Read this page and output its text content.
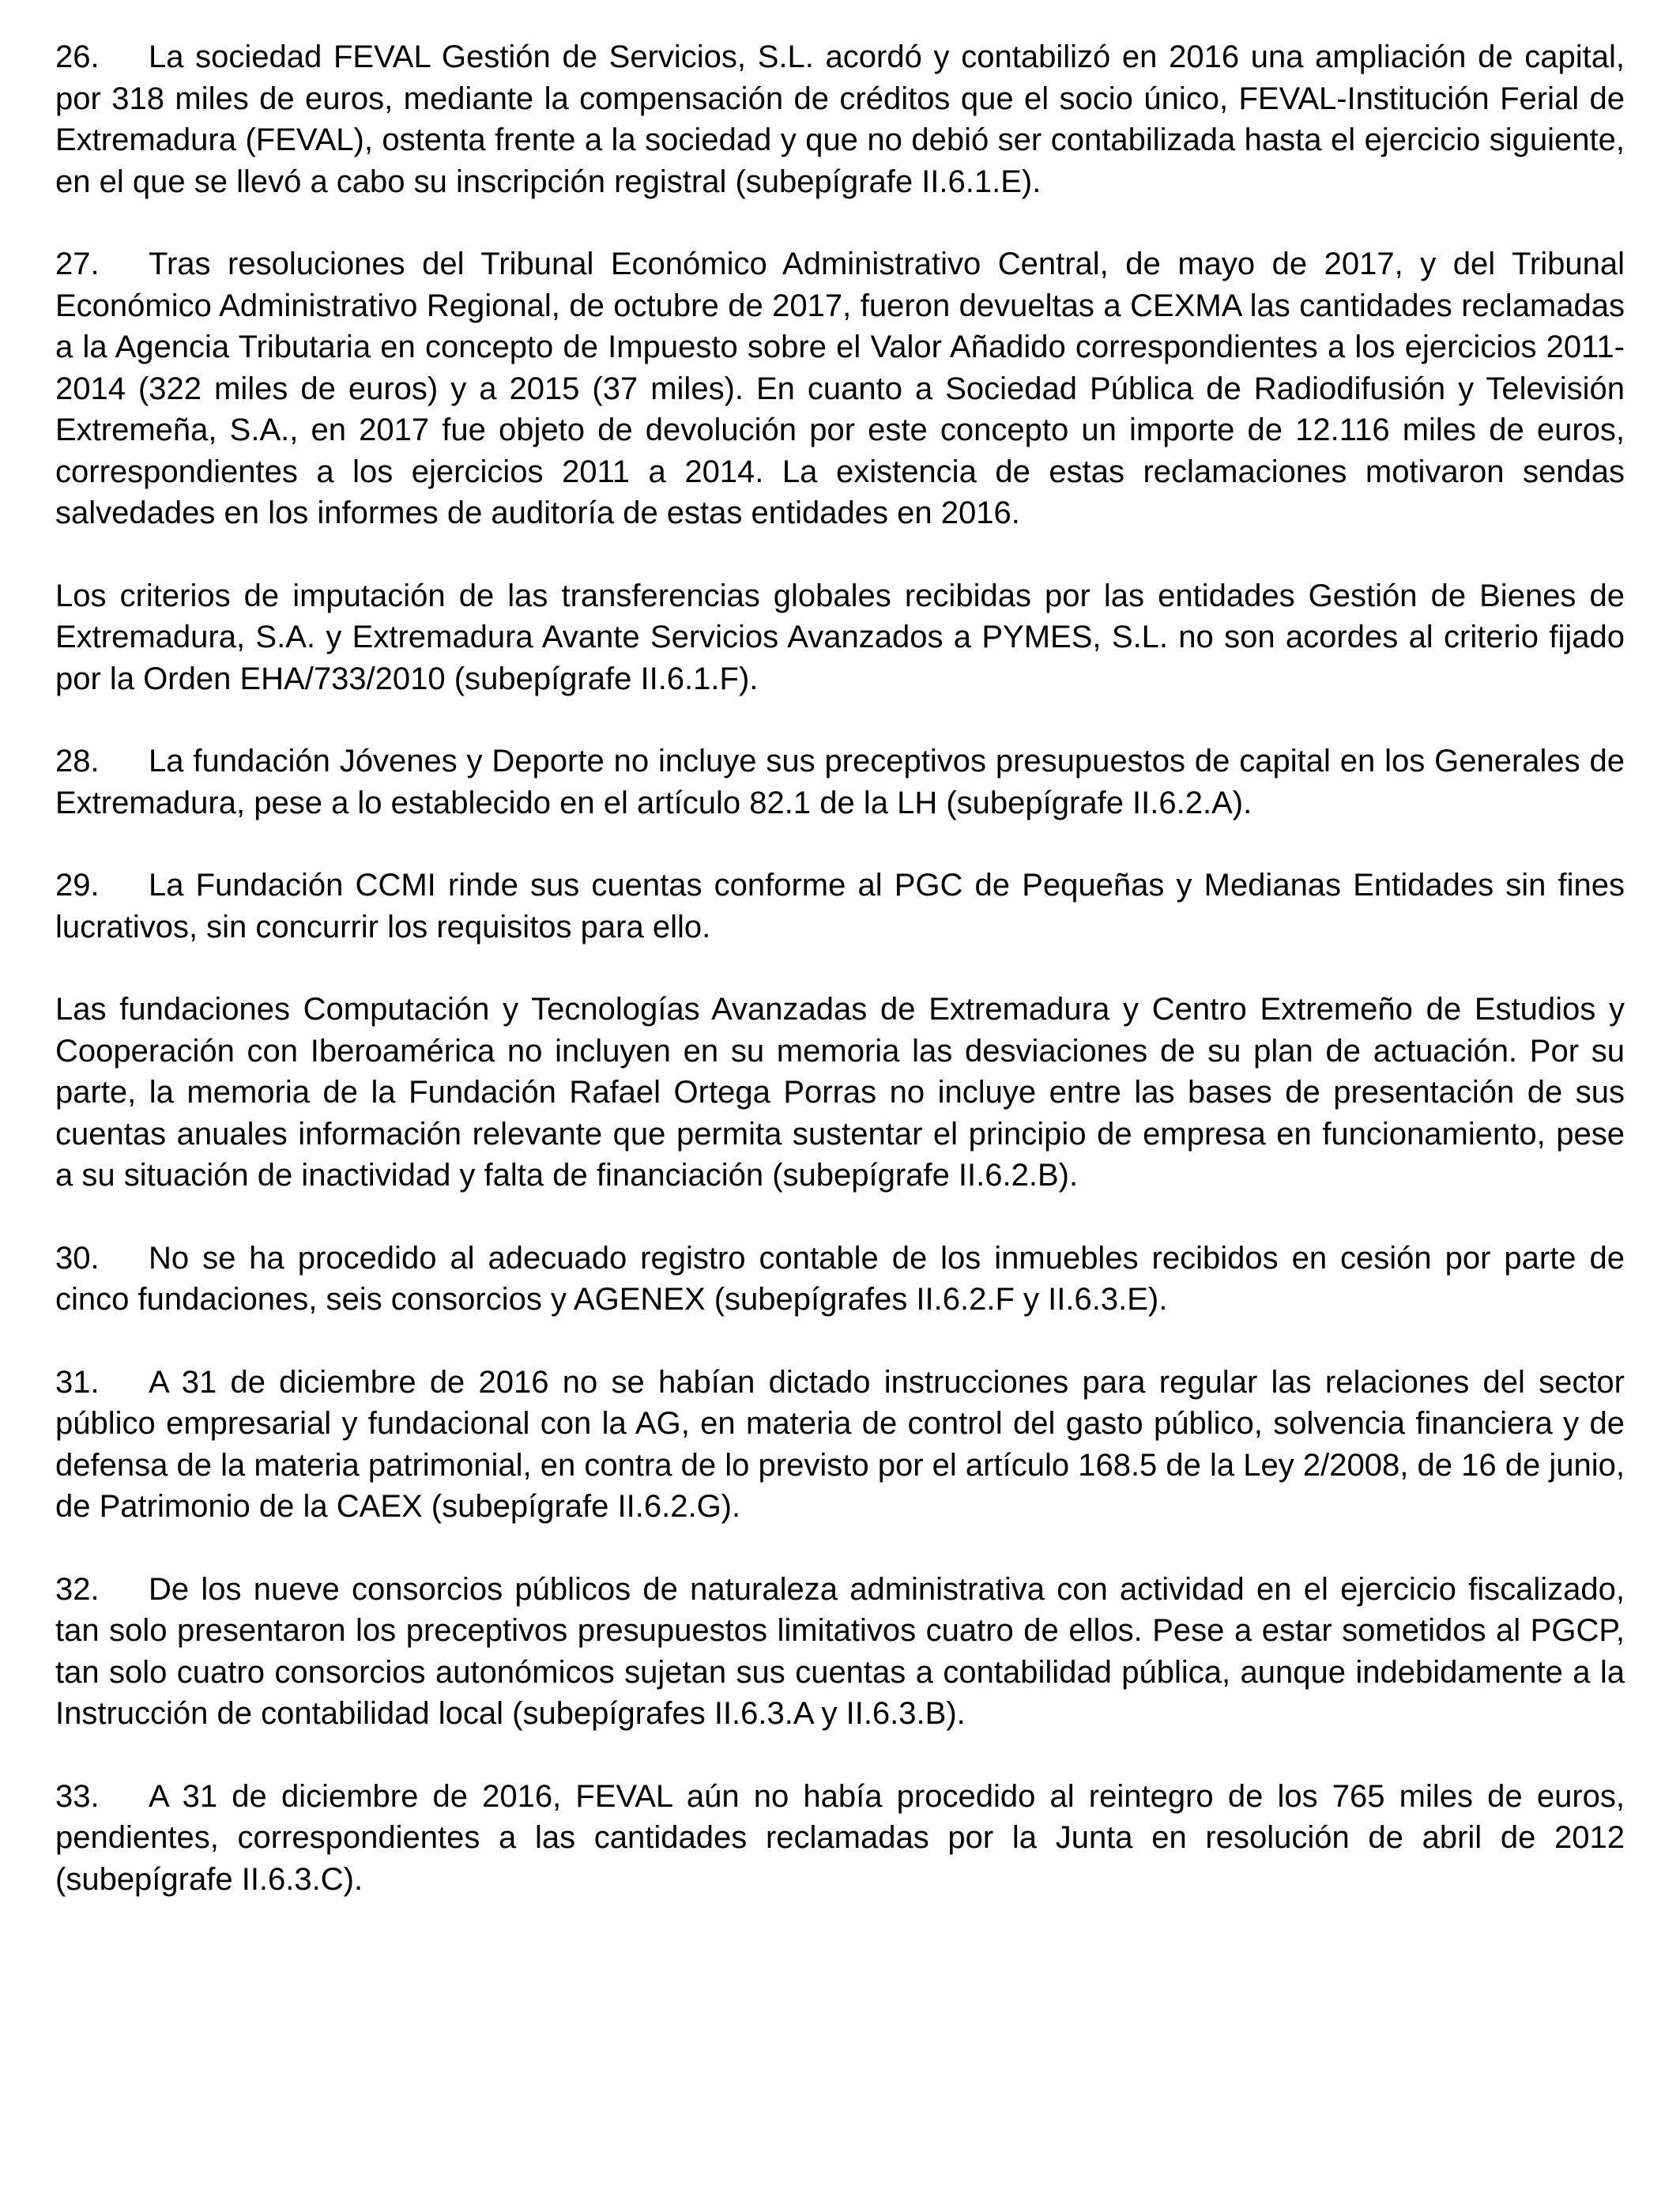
26. La sociedad FEVAL Gestión de Servicios, S.L. acordó y contabilizó en 2016 una ampliación de capital, por 318 miles de euros, mediante la compensación de créditos que el socio único, FEVAL-Institución Ferial de Extremadura (FEVAL), ostenta frente a la sociedad y que no debió ser contabilizada hasta el ejercicio siguiente, en el que se llevó a cabo su inscripción registral (subepígrafe II.6.1.E).

27. Tras resoluciones del Tribunal Económico Administrativo Central, de mayo de 2017, y del Tribunal Económico Administrativo Regional, de octubre de 2017, fueron devueltas a CEXMA las cantidades reclamadas a la Agencia Tributaria en concepto de Impuesto sobre el Valor Añadido correspondientes a los ejercicios 2011-2014 (322 miles de euros) y a 2015 (37 miles). En cuanto a Sociedad Pública de Radiodifusión y Televisión Extremeña, S.A., en 2017 fue objeto de devolución por este concepto un importe de 12.116 miles de euros, correspondientes a los ejercicios 2011 a 2014. La existencia de estas reclamaciones motivaron sendas salvedades en los informes de auditoría de estas entidades en 2016.

Los criterios de imputación de las transferencias globales recibidas por las entidades Gestión de Bienes de Extremadura, S.A. y Extremadura Avante Servicios Avanzados a PYMES, S.L. no son acordes al criterio fijado por la Orden EHA/733/2010 (subepígrafe II.6.1.F).

28. La fundación Jóvenes y Deporte no incluye sus preceptivos presupuestos de capital en los Generales de Extremadura, pese a lo establecido en el artículo 82.1 de la LH (subepígrafe II.6.2.A).

29. La Fundación CCMI rinde sus cuentas conforme al PGC de Pequeñas y Medianas Entidades sin fines lucrativos, sin concurrir los requisitos para ello.

Las fundaciones Computación y Tecnologías Avanzadas de Extremadura y Centro Extremeño de Estudios y Cooperación con Iberoamérica no incluyen en su memoria las desviaciones de su plan de actuación. Por su parte, la memoria de la Fundación Rafael Ortega Porras no incluye entre las bases de presentación de sus cuentas anuales información relevante que permita sustentar el principio de empresa en funcionamiento, pese a su situación de inactividad y falta de financiación (subepígrafe II.6.2.B).

30. No se ha procedido al adecuado registro contable de los inmuebles recibidos en cesión por parte de cinco fundaciones, seis consorcios y AGENEX (subepígrafes II.6.2.F y II.6.3.E).

31. A 31 de diciembre de 2016 no se habían dictado instrucciones para regular las relaciones del sector público empresarial y fundacional con la AG, en materia de control del gasto público, solvencia financiera y de defensa de la materia patrimonial, en contra de lo previsto por el artículo 168.5 de la Ley 2/2008, de 16 de junio, de Patrimonio de la CAEX (subepígrafe II.6.2.G).

32. De los nueve consorcios públicos de naturaleza administrativa con actividad en el ejercicio fiscalizado, tan solo presentaron los preceptivos presupuestos limitativos cuatro de ellos. Pese a estar sometidos al PGCP, tan solo cuatro consorcios autonómicos sujetan sus cuentas a contabilidad pública, aunque indebidamente a la Instrucción de contabilidad local (subepígrafes II.6.3.A y II.6.3.B).

33. A 31 de diciembre de 2016, FEVAL aún no había procedido al reintegro de los 765 miles de euros, pendientes, correspondientes a las cantidades reclamadas por la Junta en resolución de abril de 2012 (subepígrafe II.6.3.C).
